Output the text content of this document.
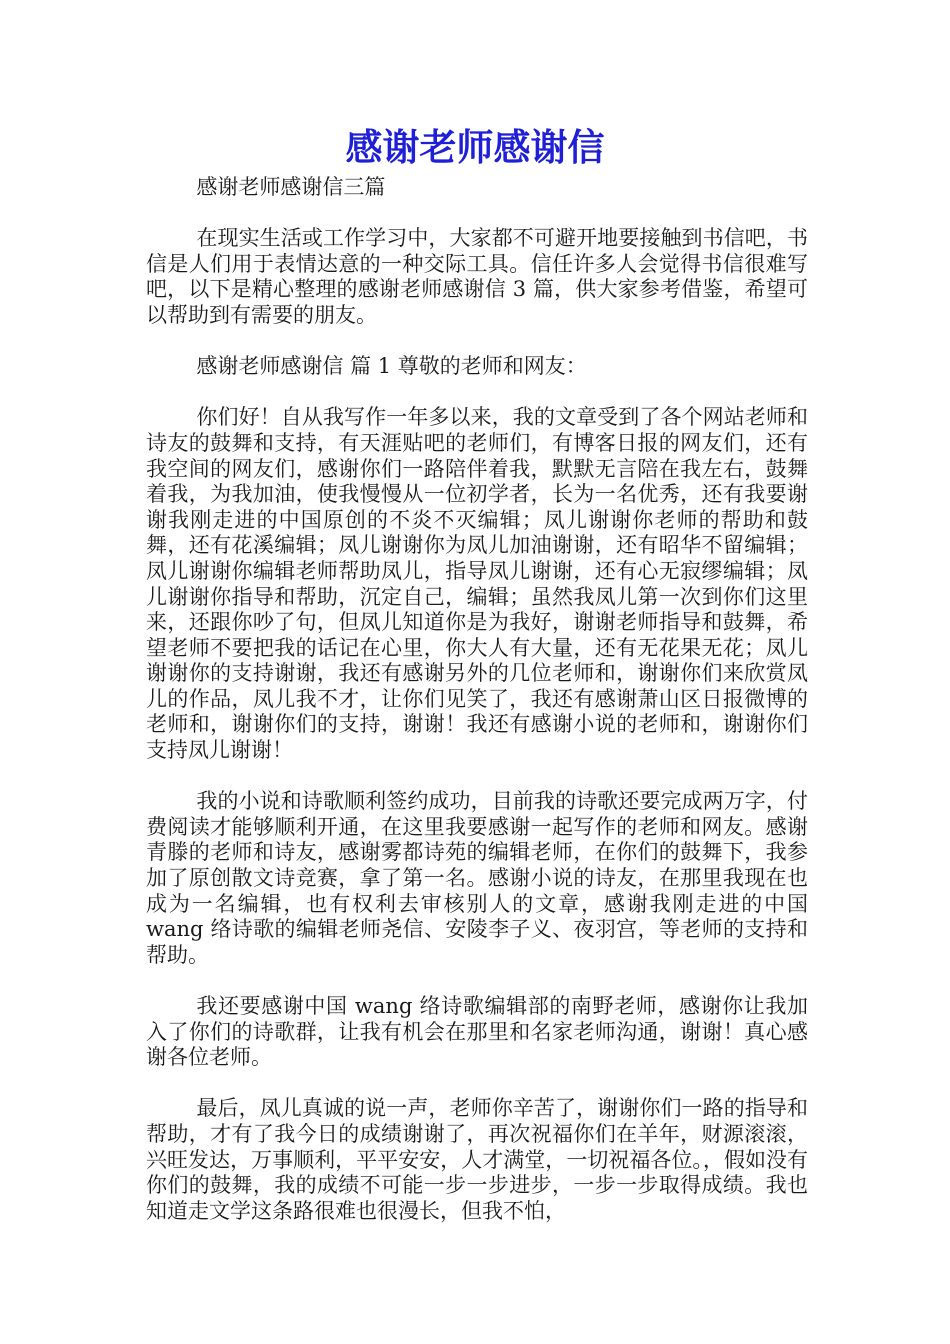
感谢老师感谢信

感谢老师感谢信三篇

在现实生活或工作学习中，大家都不可避开地要接触到书信吧，书信是人们用于表情达意的一种交际工具。信任许多人会觉得书信很难写吧，以下是精心整理的感谢老师感谢信 3 篇，供大家参考借鉴，希望可以帮助到有需要的朋友。

感谢老师感谢信 篇 1 尊敬的老师和网友：

你们好！自从我写作一年多以来，我的文章受到了各个网站老师和诗友的鼓舞和支持，有天涯贴吧的老师们，有博客日报的网友们，还有我空间的网友们，感谢你们一路陪伴着我，默默无言陪在我左右，鼓舞着我，为我加油，使我慢慢从一位初学者，长为一名优秀，还有我要谢谢我刚走进的中国原创的不炎不灭编辑；凤儿谢谢你老师的帮助和鼓舞，还有花溪编辑；凤儿谢谢你为凤儿加油谢谢，还有昭华不留编辑；凤儿谢谢你编辑老师帮助凤儿，指导凤儿谢谢，还有心无寂缪编辑；凤儿谢谢你指导和帮助，沉定自己，编辑；虽然我凤儿第一次到你们这里来，还跟你吵了句，但凤儿知道你是为我好，谢谢老师指导和鼓舞，希望老师不要把我的话记在心里，你大人有大量，还有无花果无花；凤儿谢谢你的支持谢谢，我还有感谢另外的几位老师和，谢谢你们来欣赏凤儿的作品，凤儿我不才，让你们见笑了，我还有感谢萧山区日报微博的老师和，谢谢你们的支持，谢谢！我还有感谢小说的老师和，谢谢你们支持凤儿谢谢！

我的小说和诗歌顺利签约成功，目前我的诗歌还要完成两万字，付费阅读才能够顺利开通，在这里我要感谢一起写作的老师和网友。感谢青滕的老师和诗友，感谢雾都诗苑的编辑老师，在你们的鼓舞下，我参加了原创散文诗竞赛，拿了第一名。感谢小说的诗友，在那里我现在也成为一名编辑，也有权利去审核别人的文章，感谢我刚走进的中国 wang 络诗歌的编辑老师尧信、安陵李子义、夜羽宫，等老师的支持和帮助。

我还要感谢中国 wang 络诗歌编辑部的南野老师，感谢你让我加入了你们的诗歌群，让我有机会在那里和名家老师沟通，谢谢！真心感谢各位老师。

最后，凤儿真诚的说一声，老师你辛苦了，谢谢你们一路的指导和帮助，才有了我今日的成绩谢谢了，再次祝福你们在羊年，财源滚滚，兴旺发达，万事顺利，平平安安，人才满堂，一切祝福各位。，假如没有你们的鼓舞，我的成绩不可能一步一步进步，一步一步取得成绩。我也知道走文学这条路很难也很漫长，但我不怕，
